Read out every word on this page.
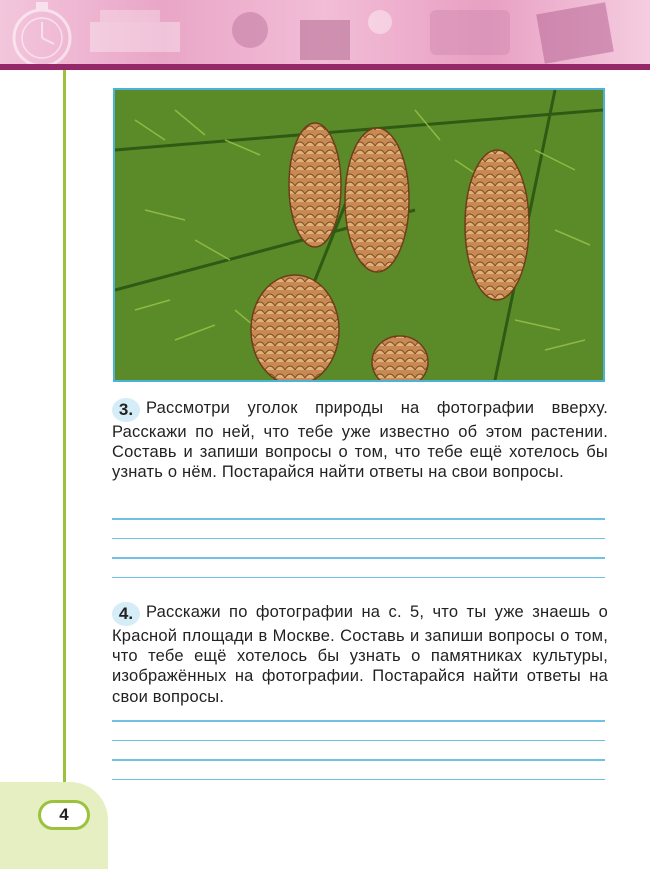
4
3. Рассмотри уголок природы на фотографии вверху. Расскажи по ней, что тебе уже известно об этом растении. Составь и запиши вопросы о том, что тебе ещё хотелось бы узнать о нём. Постарайся найти ответы на свои вопросы.
4. Расскажи по фотографии на с. 5, что ты уже знаешь о Красной площади в Москве. Составь и запиши вопросы о том, что тебе ещё хотелось бы узнать о памятниках культуры, изображённых на фотографии. Постарайся найти ответы на свои вопросы.
